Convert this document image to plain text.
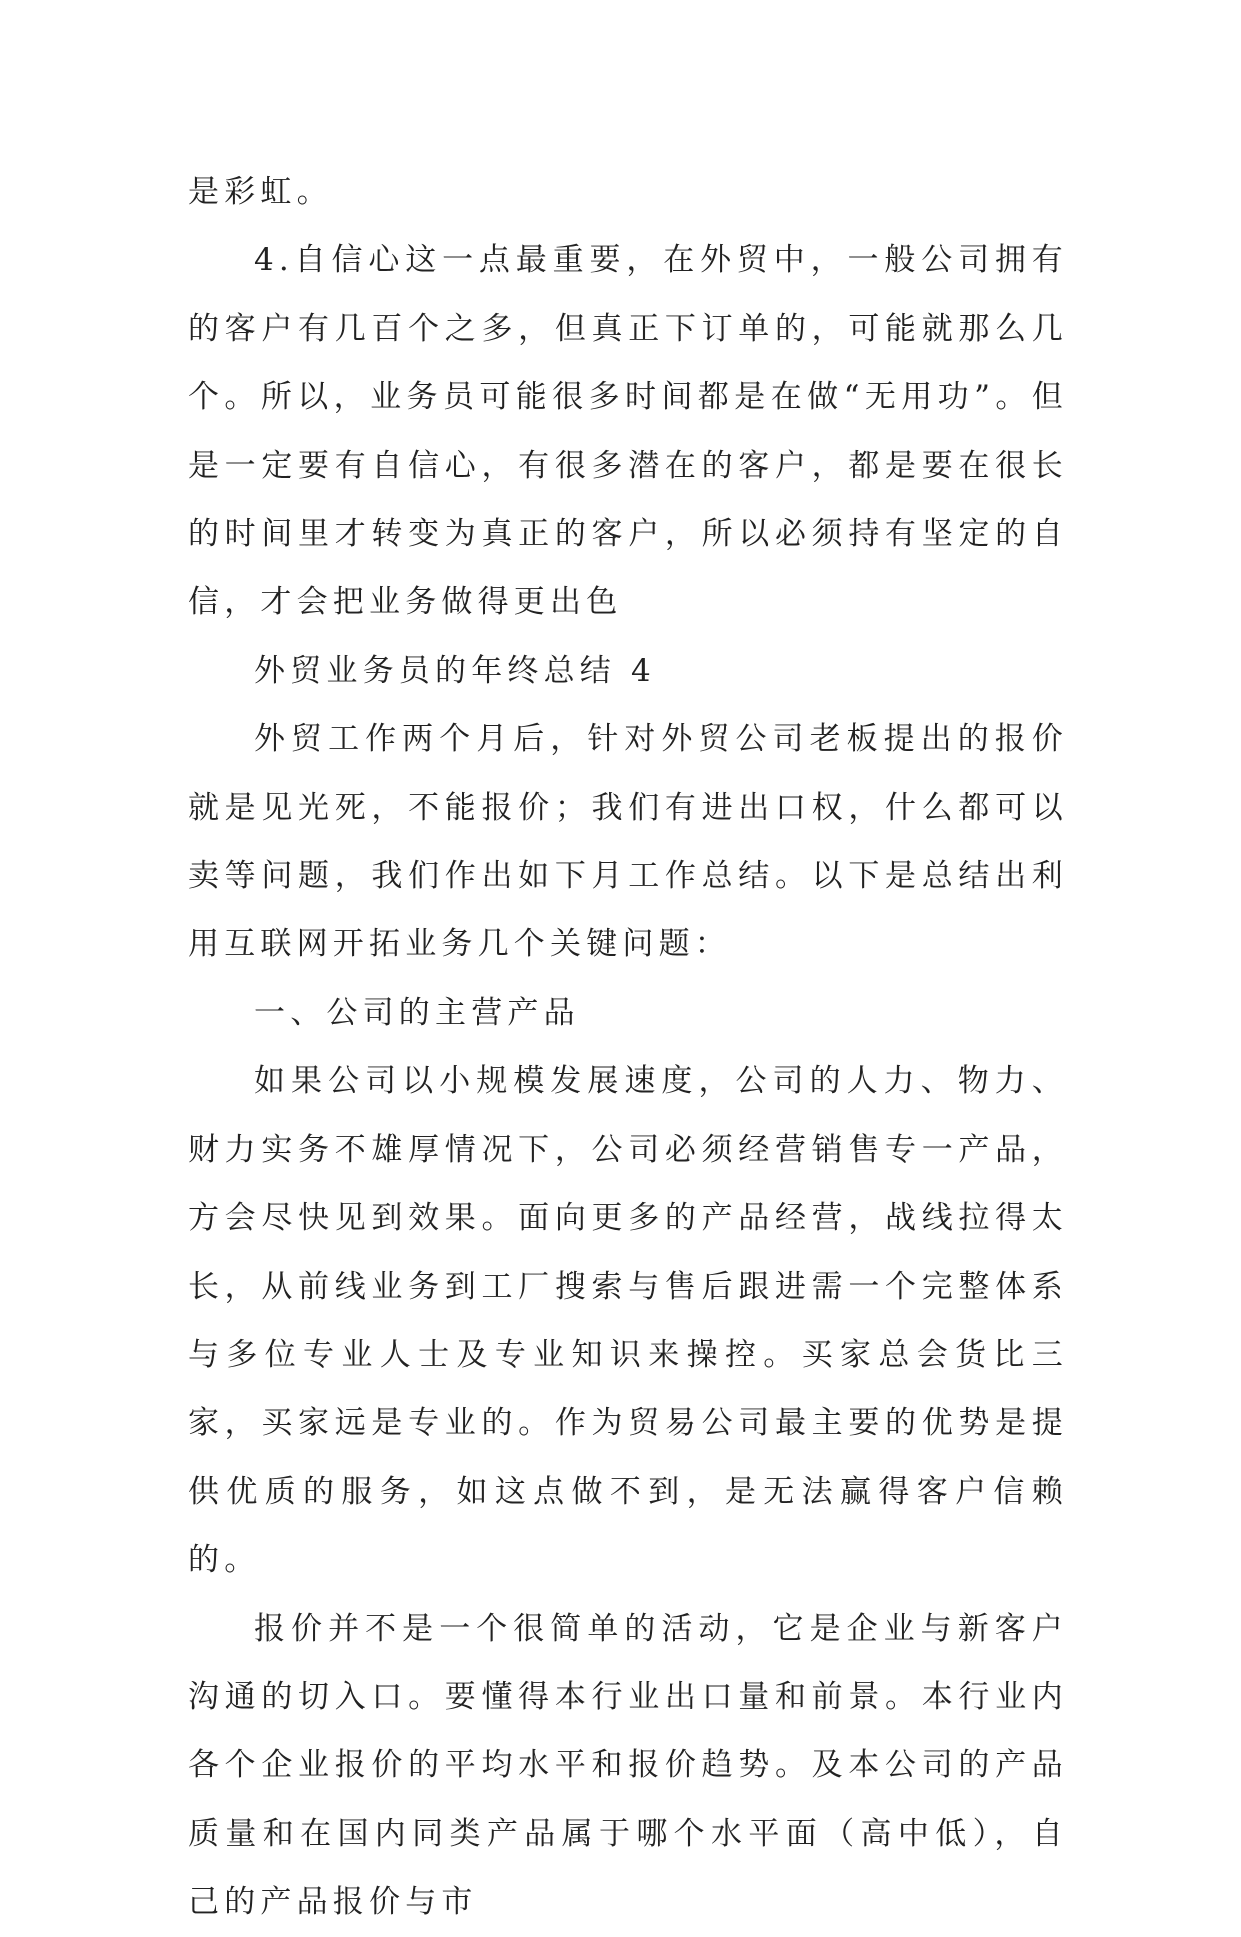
是彩虹。

4.自信心这一点最重要，在外贸中，一般公司拥有的客户有几百个之多，但真正下订单的，可能就那么几个。所以，业务员可能很多时间都是在做“无用功”。但是一定要有自信心，有很多潜在的客户，都是要在很长的时间里才转变为真正的客户，所以必须持有坚定的自信，才会把业务做得更出色

外贸业务员的年终总结 4

外贸工作两个月后，针对外贸公司老板提出的报价就是见光死，不能报价；我们有进出口权，什么都可以卖等问题，我们作出如下月工作总结。以下是总结出利用互联网开拓业务几个关键问题：

一、公司的主营产品

如果公司以小规模发展速度，公司的人力、物力、财力实务不雄厚情况下，公司必须经营销售专一产品，方会尽快见到效果。面向更多的产品经营，战线拉得太长，从前线业务到工厂搜索与售后跟进需一个完整体系与多位专业人士及专业知识来操控。买家总会货比三家，买家远是专业的。作为贸易公司最主要的优势是提供优质的服务，如这点做不到，是无法赢得客户信赖的。

报价并不是一个很简单的活动，它是企业与新客户沟通的切入口。要懂得本行业出口量和前景。本行业内各个企业报价的平均水平和报价趋势。及本公司的产品质量和在国内同类产品属于哪个水平面（高中低），自己的产品报价与市
